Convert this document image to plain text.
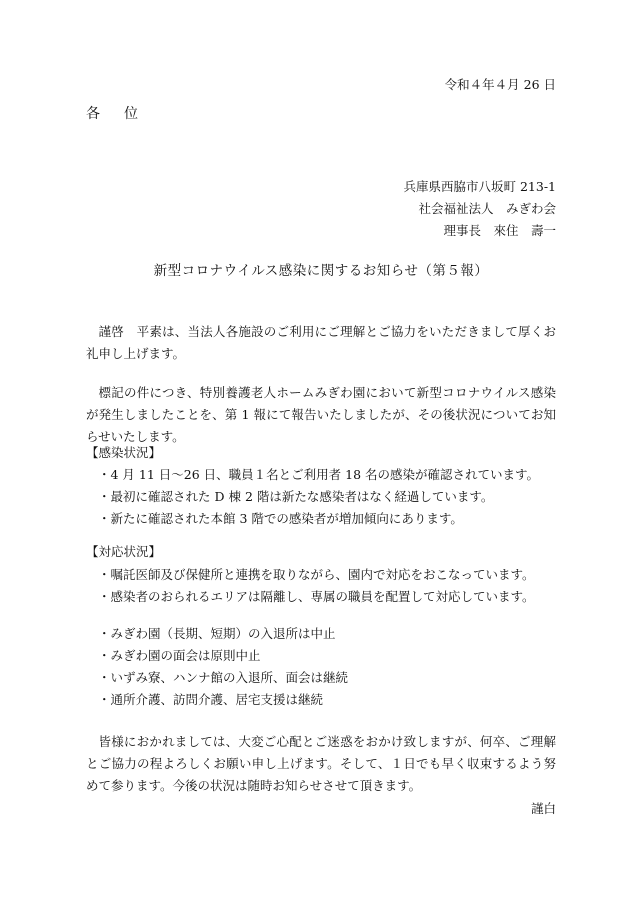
令和４年４月 26 日
各位
兵庫県西脇市八坂町 213-1
社会福祉法人　みぎわ会
理事長　來住　壽一
新型コロナウイルス感染に関するお知らせ（第５報）

謹啓　平素は、当法人各施設のご利用にご理解とご協力をいただきまして厚くお礼申し上げます。

標記の件につき、特別養護老人ホームみぎわ園において新型コロナウイルス感染が発生しましたことを、第 1 報にて報告いたしましたが、その後状況についてお知らせいたします。

【感染状況】
・4 月 11 日～26 日、職員１名とご利用者 18 名の感染が確認されています。
・最初に確認された D 棟 2 階は新たな感染者はなく経過しています。
・新たに確認された本館 3 階での感染者が増加傾向にあります。
【対応状況】
・嘱託医師及び保健所と連携を取りながら、園内で対応をおこなっています。
・感染者のおられるエリアは隔離し、専属の職員を配置して対応しています。
・みぎわ園（長期、短期）の入退所は中止
・みぎわ園の面会は原則中止
・いずみ寮、ハンナ館の入退所、面会は継続
・通所介護、訪問介護、居宅支援は継続

皆様におかれましては、大変ご心配とご迷惑をおかけ致しますが、何卒、ご理解とご協力の程よろしくお願い申し上げます。そして、１日でも早く収束するよう努めて参ります。今後の状況は随時お知らせさせて頂きます。

謹白
